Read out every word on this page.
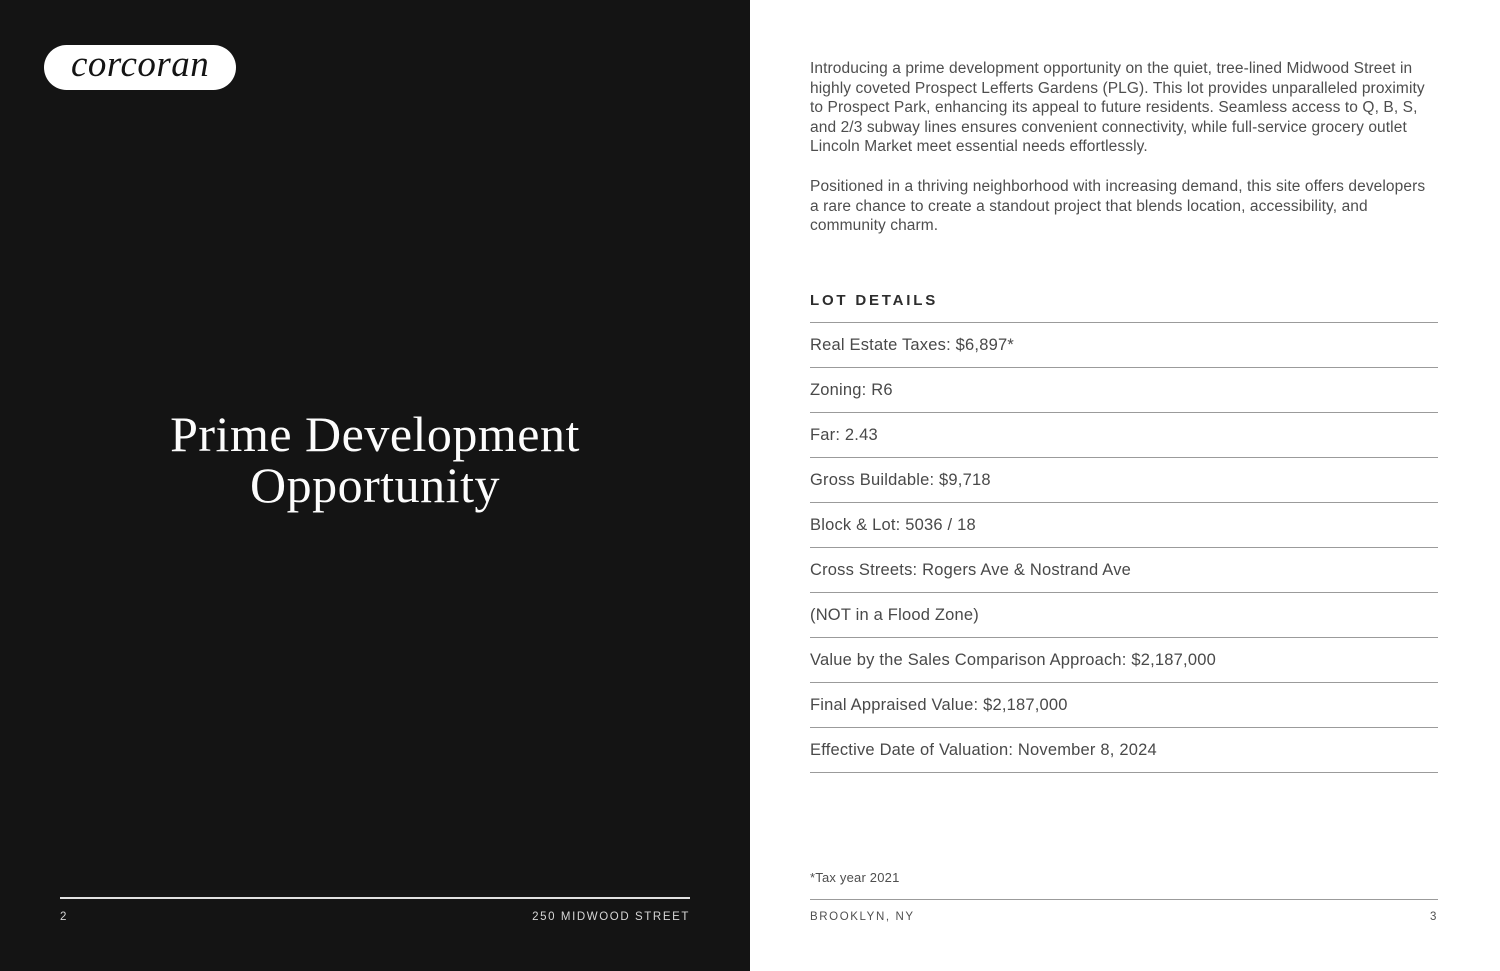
corcoran
Prime Development
Opportunity
2	250 MIDWOOD STREET

Introducing a prime development opportunity on the quiet, tree-lined Midwood Street in highly coveted Prospect Lefferts Gardens (PLG). This lot provides unparalleled proximity to Prospect Park, enhancing its appeal to future residents. Seamless access to Q, B, S, and 2/3 subway lines ensures convenient connectivity, while full-service grocery outlet Lincoln Market meet essential needs effortlessly.

Positioned in a thriving neighborhood with increasing demand, this site offers developers a rare chance to create a standout project that blends location, accessibility, and community charm.

LOT DETAILS
Real Estate Taxes: $6,897*
Zoning: R6
Far: 2.43
Gross Buildable: $9,718
Block & Lot: 5036 / 18
Cross Streets: Rogers Ave & Nostrand Ave
(NOT in a Flood Zone)
Value by the Sales Comparison Approach: $2,187,000
Final Appraised Value: $2,187,000
Effective Date of Valuation: November 8, 2024
*Tax year 2021
BROOKLYN, NY	3
